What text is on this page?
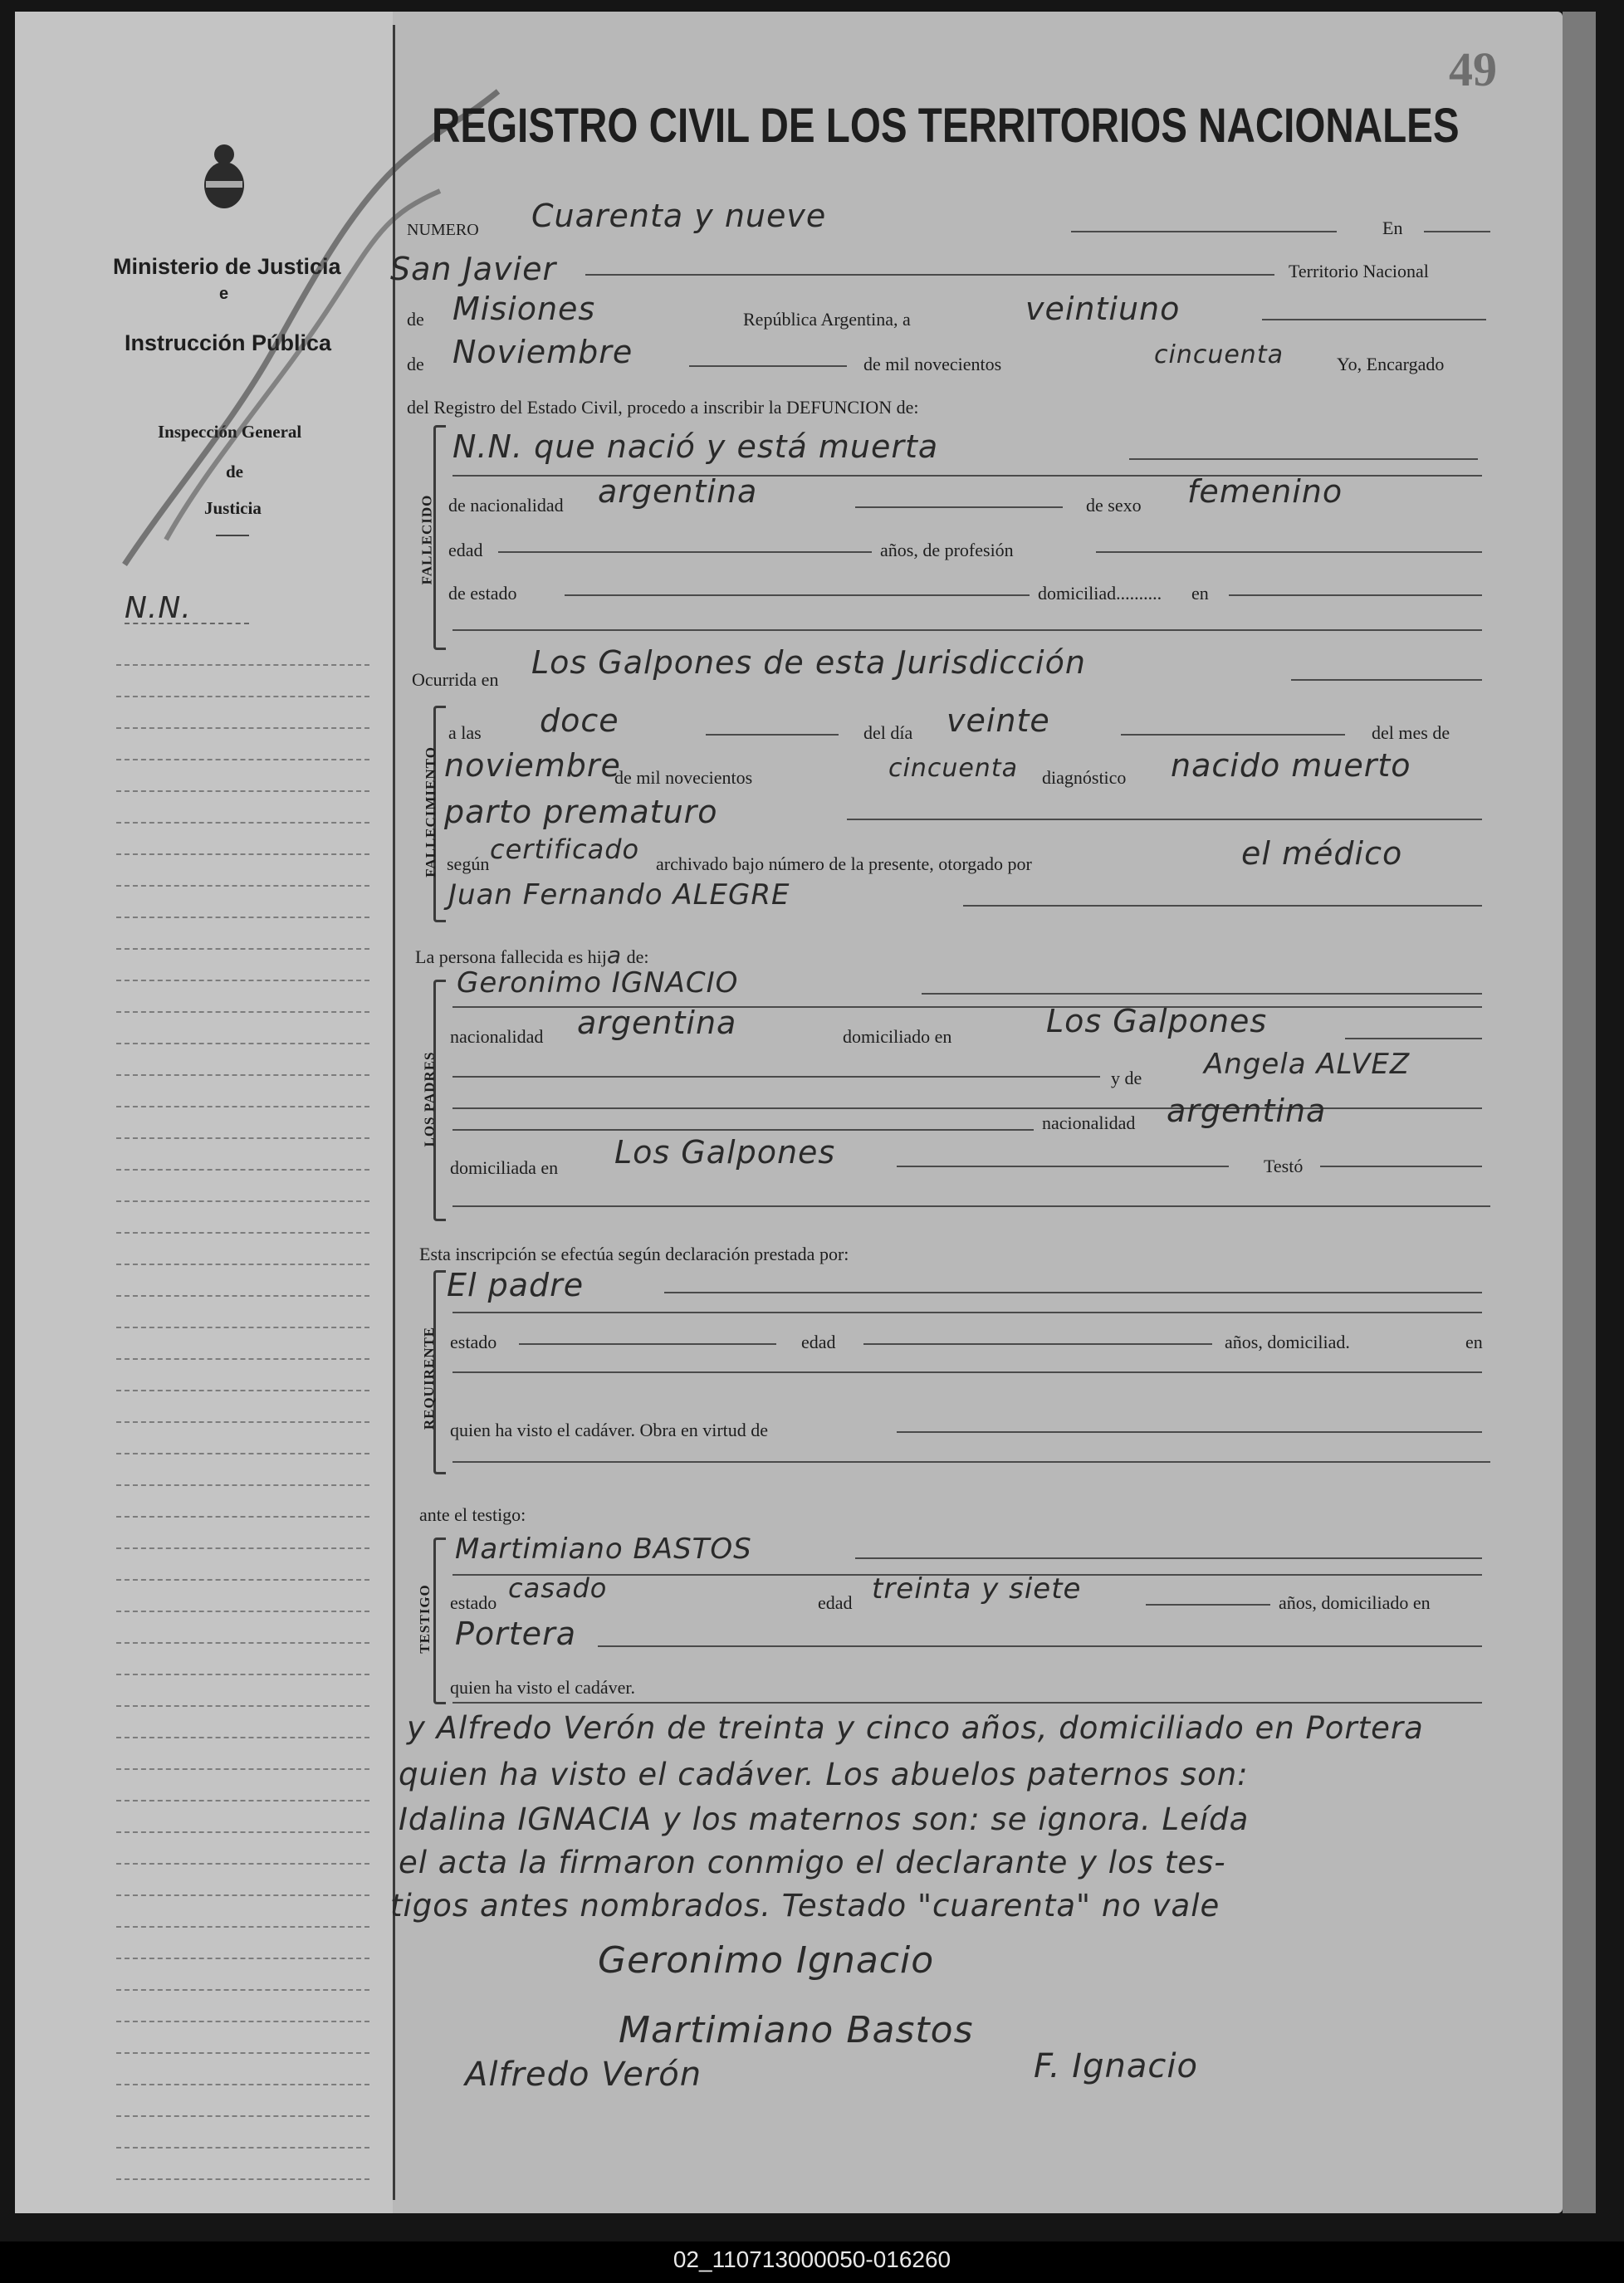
Ministerio de Justicia
e
Instrucción Pública
Inspección General
de
Justicia
N.N.
49
REGISTRO CIVIL DE LOS TERRITORIOS NACIONALES
NUMERO Cuarenta y nueve	En
San Javier	Territorio Nacional
de Misiones	República Argentina, a	veintiuno
de Noviembre	de mil novecientos	cincuenta	Yo, Encargado
del Registro del Estado Civil, procedo a inscribir la DEFUNCION de:
FALLECIDO
N.N. que nació y está muerta
de nacionalidad argentina	de sexo femenino
edad	años, de profesión
de estado	domiciliad.......... en
Ocurrida en Los Galpones de esta Jurisdicción
FALLECIMIENTO
a las doce	del día veinte	del mes de
noviembre
de mil novecientos	cincuenta diagnóstico nacido muerto
parto prematuro
según certificado archivado bajo número de la presente, otorgado por	el médico
Juan Fernando ALEGRE
La persona fallecida es hija de:
LOS PADRES
Geronimo IGNACIO
nacionalidad argentina	domiciliado en	Los Galpones
y de Angela ALVEZ
nacionalidad argentina
domiciliada en Los Galpones	Testó
Esta inscripción se efectúa según declaración prestada por:
REQUIRENTE
El padre
estado	edad	años, domiciliad.	en
quien ha visto el cadáver. Obra en virtud de
ante el testigo:
TESTIGO
Martimiano BASTOS
estado casado	edad treinta y siete	años, domiciliado en
Portera
quien ha visto el cadáver.
y Alfredo Verón de treinta y cinco años, domiciliado en Portera
quien ha visto el cadáver. Los abuelos paternos son:
Idalina IGNACIA y los maternos son: se ignora. Leída
el acta la firmaron conmigo el declarante y los tes-
tigos antes nombrados. Testado "cuarenta" no vale
Geronimo Ignacio
Martimiano Bastos
Alfredo Verón	F. Ignacio
02_110713000050-016260
